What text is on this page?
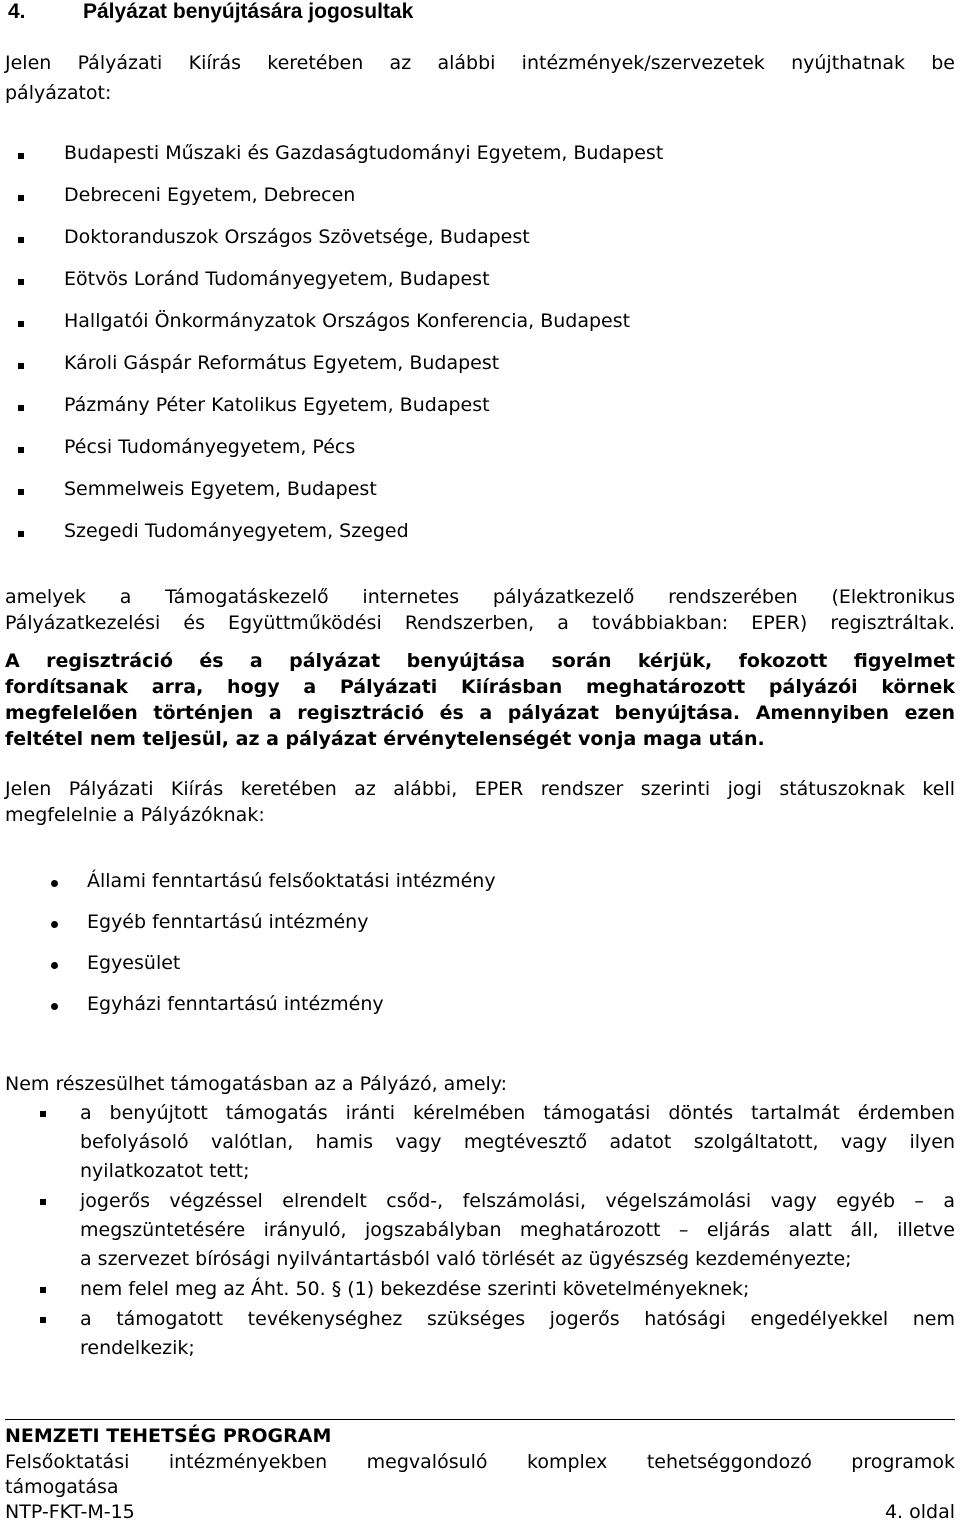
4.	Pályázat benyújtására jogosultak
Jelen Pályázati Kiírás keretében az alábbi intézmények/szervezetek nyújthatnak be
pályázatot:
Budapesti Műszaki és Gazdaságtudományi Egyetem, Budapest
Debreceni Egyetem, Debrecen
Doktoranduszok Országos Szövetsége, Budapest
Eötvös Loránd Tudományegyetem, Budapest
Hallgatói Önkormányzatok Országos Konferencia, Budapest
Károli Gáspár Református Egyetem, Budapest
Pázmány Péter Katolikus Egyetem, Budapest
Pécsi Tudományegyetem, Pécs
Semmelweis Egyetem, Budapest
Szegedi Tudományegyetem, Szeged
amelyek a Támogatáskezelő internetes pályázatkezelő rendszerében (Elektronikus
Pályázatkezelési és Együttműködési Rendszerben, a továbbiakban: EPER) regisztráltak.
A regisztráció és a pályázat benyújtása során kérjük, fokozott figyelmet
fordítsanak arra, hogy a Pályázati Kiírásban meghatározott pályázói körnek
megfelelően történjen a regisztráció és a pályázat benyújtása. Amennyiben ezen
feltétel nem teljesül, az a pályázat érvénytelenségét vonja maga után.
Jelen Pályázati Kiírás keretében az alábbi, EPER rendszer szerinti jogi státuszoknak kell
megfelelnie a Pályázóknak:
Állami fenntartású felsőoktatási intézmény
Egyéb fenntartású intézmény
Egyesület
Egyházi fenntartású intézmény
Nem részesülhet támogatásban az a Pályázó, amely:
a benyújtott támogatás iránti kérelmében támogatási döntés tartalmát érdemben
befolyásoló valótlan, hamis vagy megtévesztő adatot szolgáltatott, vagy ilyen
nyilatkozatot tett;
jogerős végzéssel elrendelt csőd-, felszámolási, végelszámolási vagy egyéb – a
megszüntetésére irányuló, jogszabályban meghatározott – eljárás alatt áll, illetve
a szervezet bírósági nyilvántartásból való törlését az ügyészség kezdeményezte;
nem felel meg az Áht. 50. § (1) bekezdése szerinti követelményeknek;
a támogatott tevékenységhez szükséges jogerős hatósági engedélyekkel nem
rendelkezik;
NEMZETI TEHETSÉG PROGRAM
Felsőoktatási intézményekben megvalósuló komplex tehetséggondozó programok
támogatása
NTP-FKT-M-15	4. oldal
